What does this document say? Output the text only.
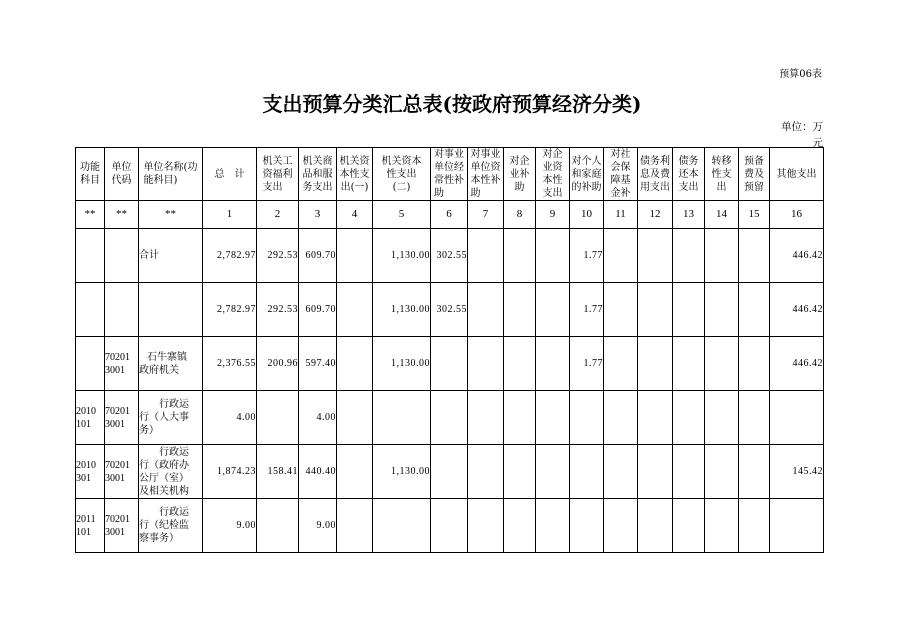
预算06表
支出预算分类汇总表(按政府预算经济分类)
单位：万元
功能
科目	单位
代码	单位名称(功
能科目)	总　计	机关工
资福利
支出	机关商
品和服
务支出	机关资
本性支
出(一)	机关资本
性支出
(二)	对事业
单位经
常性补
助	对事业
单位资
本性补
助	对企
业补
助	对企
业资
本性
支出	对个人
和家庭
的补助	对社
会保
障基
金补	债务利
息及费
用支出	债务
还本
支出	转移
性支
出	预备
费及
预留	其他支出
**	**	**	1	2	3	4	5	6	7	8	9	10	11	12	13	14	15	16
		合计	2,782.97	292.53	609.70		1,130.00	302.55				1.77						446.42
			2,782.97	292.53	609.70		1,130.00	302.55				1.77						446.42
	70201
3001	石牛寨镇
政府机关	2,376.55	200.96	597.40		1,130.00					1.77						446.42
2010
101	70201
3001	行政运
行（人大事
务）	4.00		4.00													
2010
301	70201
3001	行政运
行（政府办
公厅（室）
及相关机构	1,874.23	158.41	440.40		1,130.00											145.42
2011
101	70201
3001	行政运
行（纪检监
察事务）	9.00		9.00													
